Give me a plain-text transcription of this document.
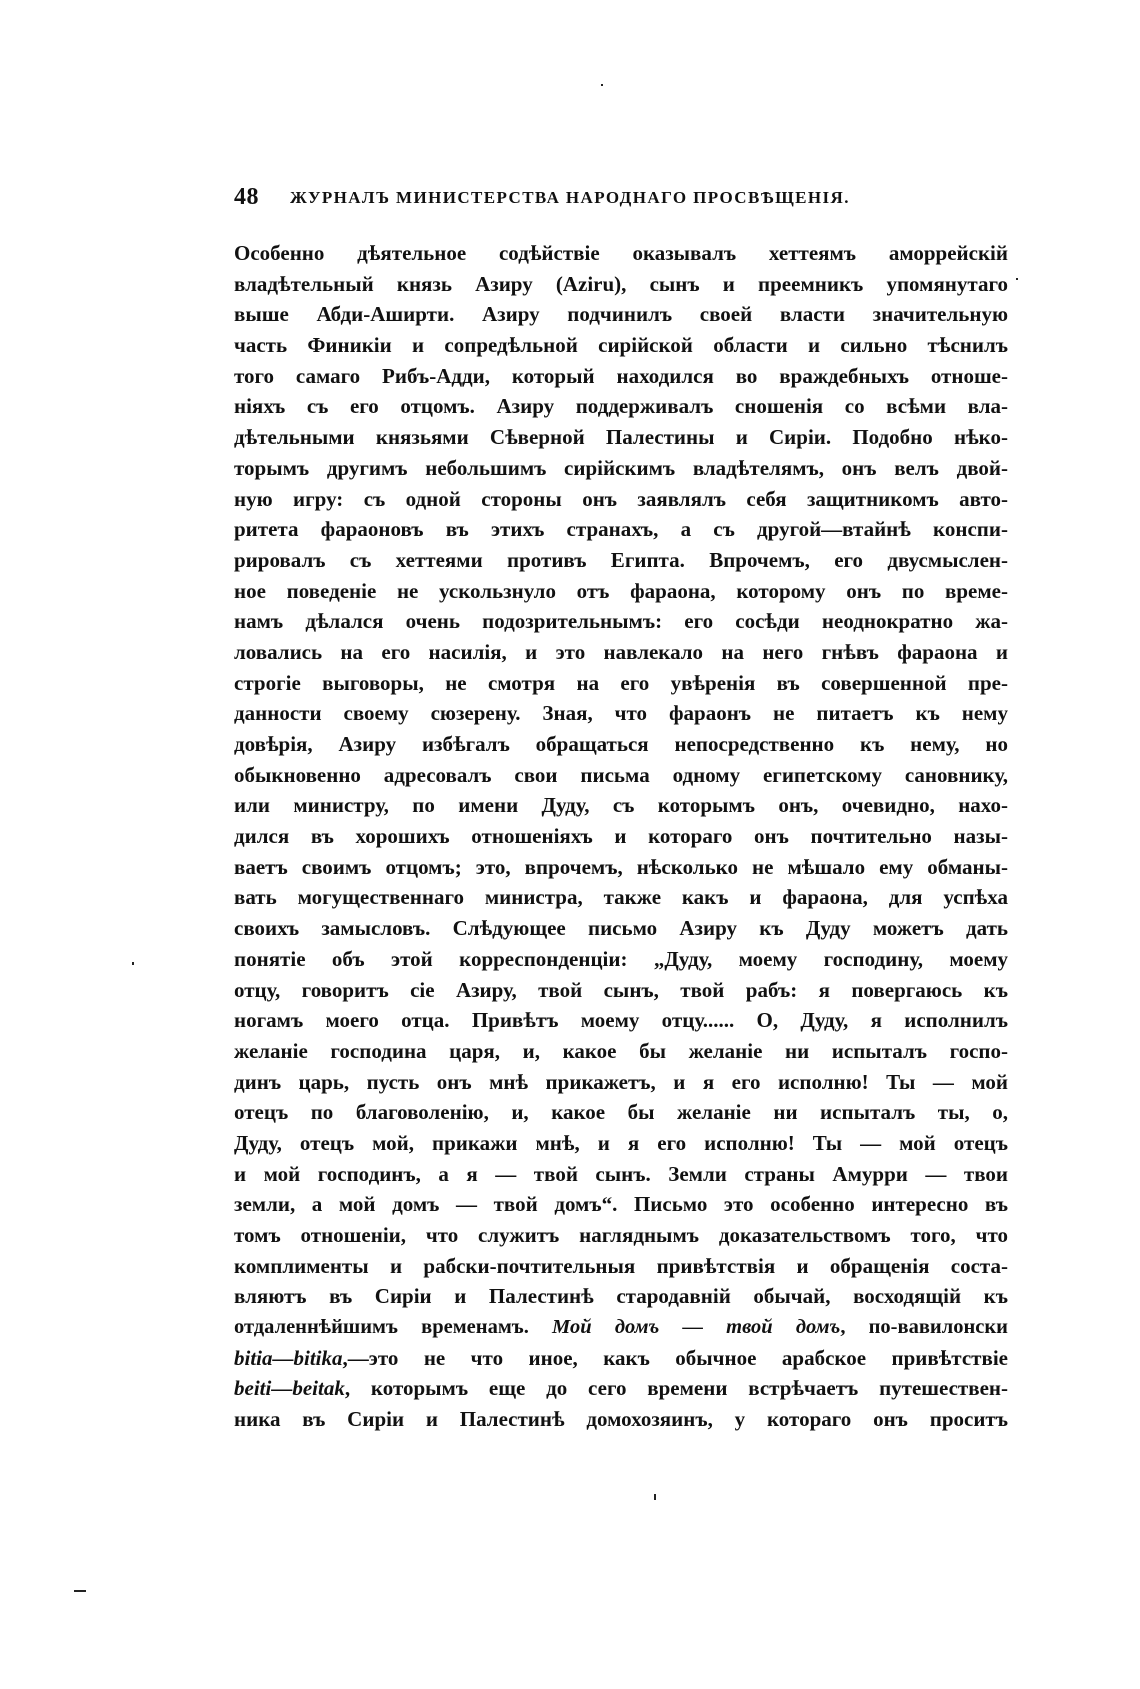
48 ЖУРНАЛЪ МИНИСТЕРСТВА НАРОДНАГО ПРОСВѢЩЕНІЯ.
Особенно дѣятельное содѣйствіе оказывалъ хеттеямъ аморрейскій
владѣтельный князь Азиру (Aziru), сынъ и преемникъ упомянутаго
выше Абди-Аширти. Азиру подчинилъ своей власти значительную
часть Финикіи и сопредѣльной сирійской области и сильно тѣснилъ
того самаго Рибъ-Адди, который находился во враждебныхъ отноше-
ніяхъ съ его отцомъ. Азиру поддерживалъ сношенія со всѣми вла-
дѣтельными князьями Сѣверной Палестины и Сиріи. Подобно нѣко-
торымъ другимъ небольшимъ сирійскимъ владѣтелямъ, онъ велъ двой-
ную игру: съ одной стороны онъ заявлялъ себя защитникомъ авто-
ритета фараоновъ въ этихъ странахъ, а съ другой—втайнѣ конспи-
рировалъ съ хеттеями противъ Египта. Впрочемъ, его двусмыслен-
ное поведеніе не ускользнуло отъ фараона, которому онъ по време-
намъ дѣлался очень подозрительнымъ: его сосѣди неоднократно жа-
ловались на его насилія, и это навлекало на него гнѣвъ фараона и
строгіе выговоры, не смотря на его увѣренія въ совершенной пре-
данности своему сюзерену. Зная, что фараонъ не питаетъ къ нему
довѣрія, Азиру избѣгалъ обращаться непосредственно къ нему, но
обыкновенно адресовалъ свои письма одному египетскому сановнику,
или министру, по имени Дуду, съ которымъ онъ, очевидно, нахо-
дился въ хорошихъ отношеніяхъ и котораго онъ почтительно назы-
ваетъ своимъ отцомъ; это, впрочемъ, нѣсколько не мѣшало ему обманы-
вать могущественнаго министра, также какъ и фараона, для успѣха
своихъ замысловъ. Слѣдующее письмо Азиру къ Дуду можетъ дать
понятіе объ этой корреспонденціи: „Дуду, моему господину, моему
отцу, говоритъ сіе Азиру, твой сынъ, твой рабъ: я повергаюсь къ
ногамъ моего отца. Привѣтъ моему отцу...... О, Дуду, я исполнилъ
желаніе господина царя, и, какое бы желаніе ни испыталъ госпо-
динъ царь, пусть онъ мнѣ прикажетъ, и я его исполню! Ты — мой
отецъ по благоволенію, и, какое бы желаніе ни испыталъ ты, о,
Дуду, отецъ мой, прикажи мнѣ, и я его исполню! Ты — мой отецъ
и мой господинъ, а я — твой сынъ. Земли страны Амурри — твои
земли, а мой домъ — твой домъ“. Письмо это особенно интересно въ
томъ отношеніи, что служитъ нагляднымъ доказательствомъ того, что
комплименты и рабски-почтительныя привѣтствія и обращенія соста-
вляютъ въ Сиріи и Палестинѣ стародавній обычай, восходящій къ
отдаленнѣйшимъ временамъ. Мой домъ — твой домъ, по-вавилонски
bitia—bitika,—это не что иное, какъ обычное арабское привѣтствіе
beiti—beitak, которымъ еще до сего времени встрѣчаетъ путешествен-
ника въ Сиріи и Палестинѣ домохозяинъ, у котораго онъ проситъ
